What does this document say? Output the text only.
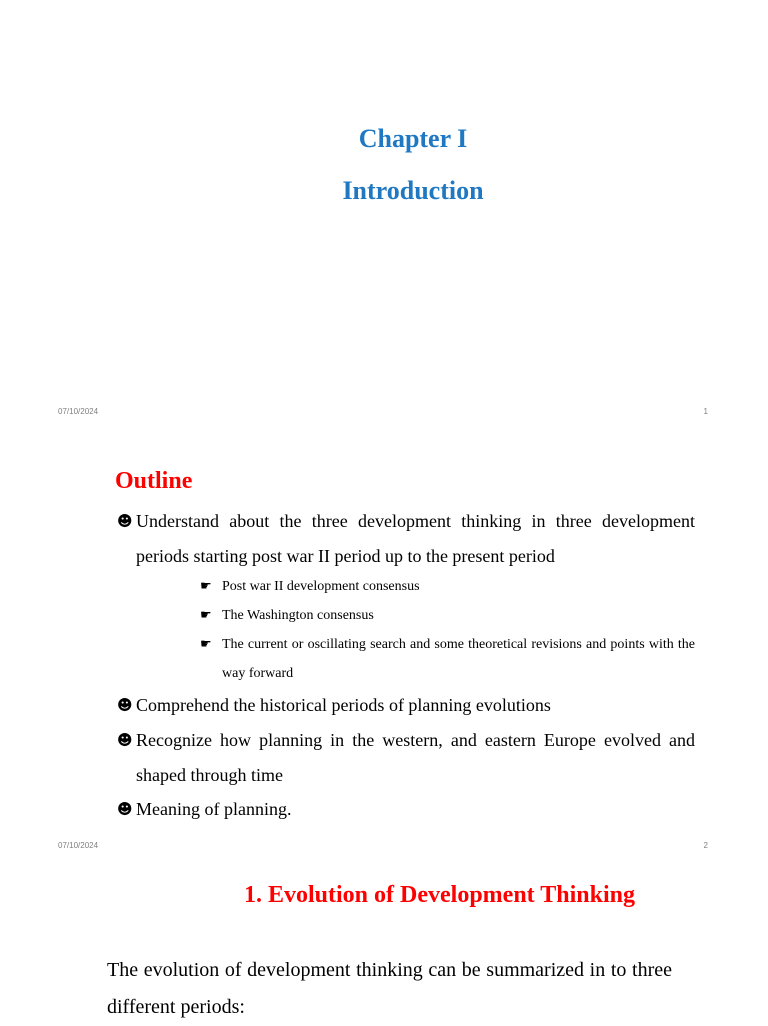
Chapter I
Introduction
07/10/2024	1
Outline
☻ Understand about the three development thinking in three development periods starting post war II period up to the present period
☛ Post war II development consensus
☛ The Washington consensus
☛ The current or oscillating search and some theoretical revisions and points with the way forward
☻ Comprehend the historical periods of planning evolutions
☻ Recognize how planning in the western, and eastern Europe evolved and shaped through time
☻ Meaning of planning.
07/10/2024	2
1. Evolution of Development Thinking
The evolution of development thinking can be summarized in to three different periods:
